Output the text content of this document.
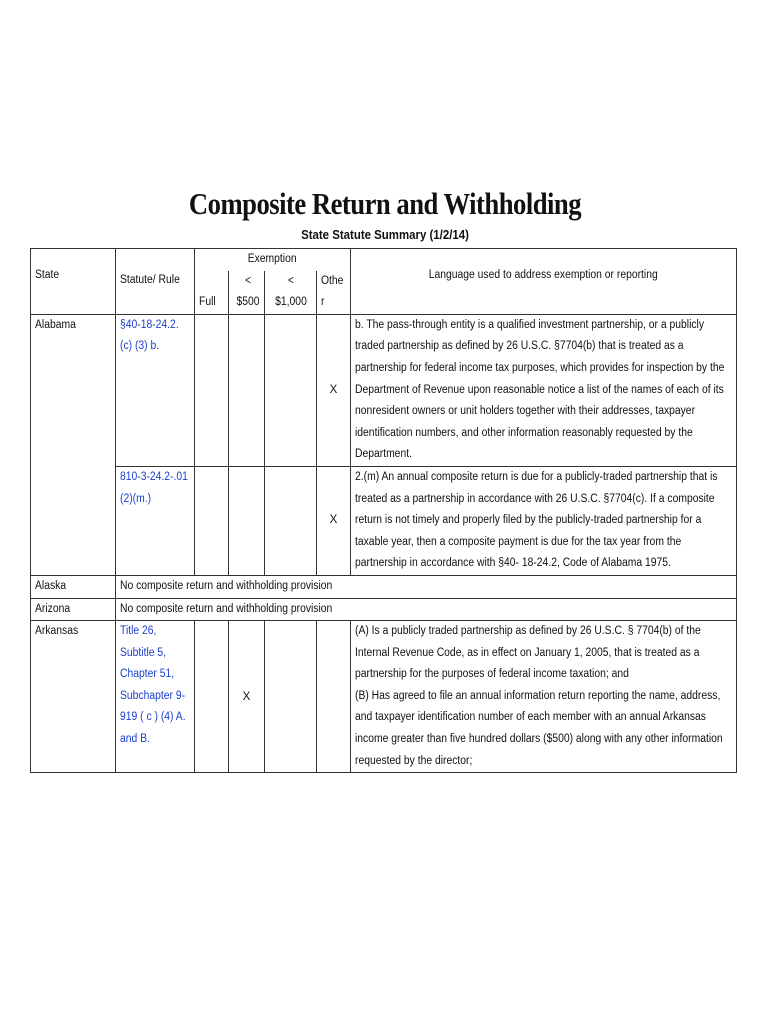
Composite Return and Withholding
State Statute Summary (1/2/14)
State	Statute/ Rule	Exemption				Language used to address exemption or reporting

		Full	< $500	< $1,000	Othe r	

Alabama	§40-18-24.2. (c) (3) b.				X	b. The pass-through entity is a qualified investment partnership, or a publicly traded partnership as defined by 26 U.S.C. §7704(b) that is treated as a partnership for federal income tax purposes, which provides for inspection by the Department of Revenue upon reasonable notice a list of the names of each of its nonresident owners or unit holders together with their addresses, taxpayer identification numbers, and other information reasonably requested by the Department.

	810-3-24.2-.01 (2)(m.)				X	2.(m) An annual composite return is due for a publicly-traded partnership that is treated as a partnership in accordance with 26 U.S.C. §7704(c). If a composite return is not timely and properly filed by the publicly-traded partnership for a taxable year, then a composite payment is due for the tax year from the partnership in accordance with §40- 18-24.2, Code of Alabama 1975.

Alaska	No composite return and withholding provision					

Arizona	No composite return and withholding provision					

Arkansas	Title 26, Subtitle 5, Chapter 51, Subchapter 9-919 ( c ) (4) A. and B.		X			(A) Is a publicly traded partnership as defined by 26 U.S.C. § 7704(b) of the Internal Revenue Code, as in effect on January 1, 2005, that is treated as a partnership for the purposes of federal income taxation; and
(B) Has agreed to file an annual information return reporting the name, address, and taxpayer identification number of each member with an annual Arkansas income greater than five hundred dollars ($500) along with any other information requested by the director;
